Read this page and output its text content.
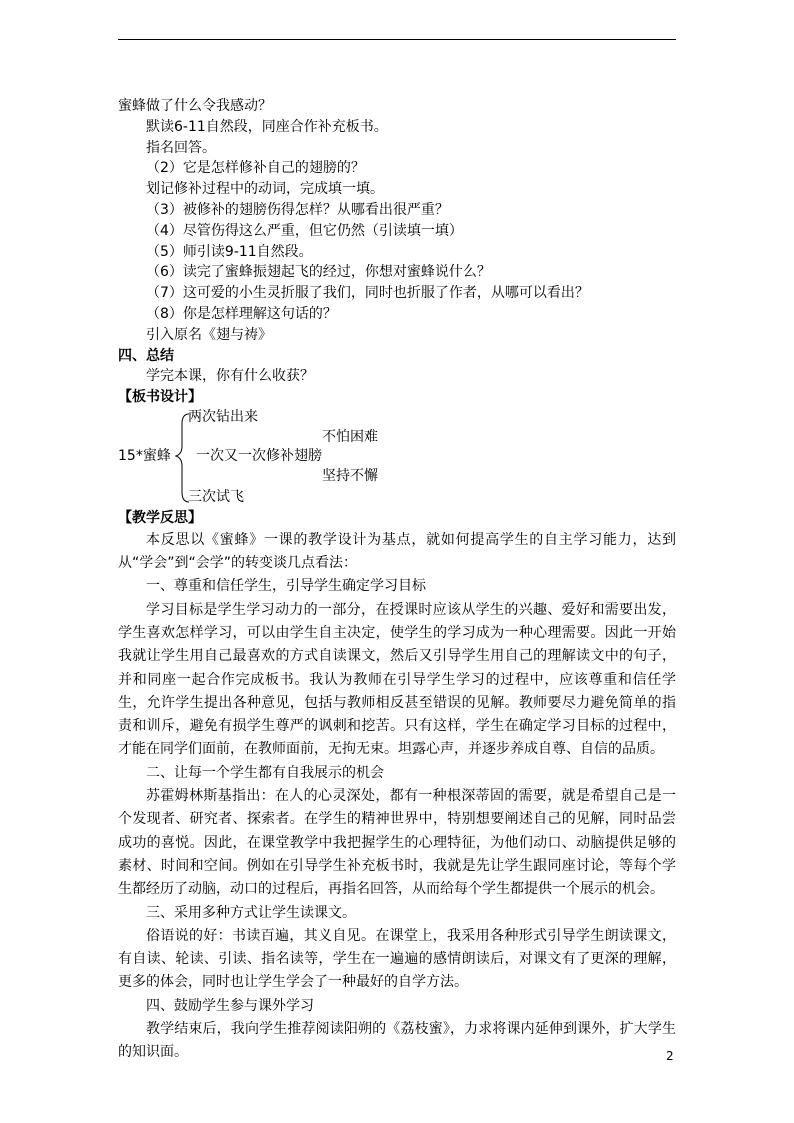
蜜蜂做了什么令我感动？
默读6-11自然段，同座合作补充板书。
指名回答。
（2）它是怎样修补自己的翅膀的？
划记修补过程中的动词，完成填一填。
（3）被修补的翅膀伤得怎样？从哪看出很严重？
（4）尽管伤得这么严重，但它仍然（引读填一填）
（5）师引读9-11自然段。
（6）读完了蜜蜂振翅起飞的经过，你想对蜜蜂说什么？
（7）这可爱的小生灵折服了我们，同时也折服了作者，从哪可以看出？
（8）你是怎样理解这句话的？
引入原名《翅与祷》
四、总结
学完本课，你有什么收获？
【板书设计】
15*蜜蜂
两次钻出来
不怕困难
一次又一次修补翅膀
坚持不懈
三次试飞
【教学反思】

本反思以《蜜蜂》一课的教学设计为基点，就如何提高学生的自主学习能力，达到从“学会”到“会学”的转变谈几点看法：

一、尊重和信任学生，引导学生确定学习目标

学习目标是学生学习动力的一部分，在授课时应该从学生的兴趣、爱好和需要出发，学生喜欢怎样学习，可以由学生自主决定，使学生的学习成为一种心理需要。因此一开始我就让学生用自己最喜欢的方式自读课文，然后又引导学生用自己的理解读文中的句子，并和同座一起合作完成板书。我认为教师在引导学生学习的过程中，应该尊重和信任学生，允许学生提出各种意见，包括与教师相反甚至错误的见解。教师要尽力避免简单的指责和训斥，避免有损学生尊严的讽刺和挖苦。只有这样，学生在确定学习目标的过程中，才能在同学们面前，在教师面前，无拘无束。坦露心声，并逐步养成自尊、自信的品质。

二、让每一个学生都有自我展示的机会

苏霍姆林斯基指出：在人的心灵深处，都有一种根深蒂固的需要，就是希望自己是一个发现者、研究者、探索者。在学生的精神世界中，特别想要阐述自己的见解，同时品尝成功的喜悦。因此，在课堂教学中我把握学生的心理特征，为他们动口、动脑提供足够的素材、时间和空间。例如在引导学生补充板书时，我就是先让学生跟同座讨论，等每个学生都经历了动脑，动口的过程后，再指名回答，从而给每个学生都提供一个展示的机会。

三、采用多种方式让学生读课文。

俗语说的好：书读百遍，其义自见。在课堂上，我采用各种形式引导学生朗读课文，有自读、轮读、引读、指名读等，学生在一遍遍的感情朗读后，对课文有了更深的理解，更多的体会，同时也让学生学会了一种最好的自学方法。

四、鼓励学生参与课外学习

教学结束后，我向学生推荐阅读阳朔的《荔枝蜜》，力求将课内延伸到课外，扩大学生的知识面。	2
